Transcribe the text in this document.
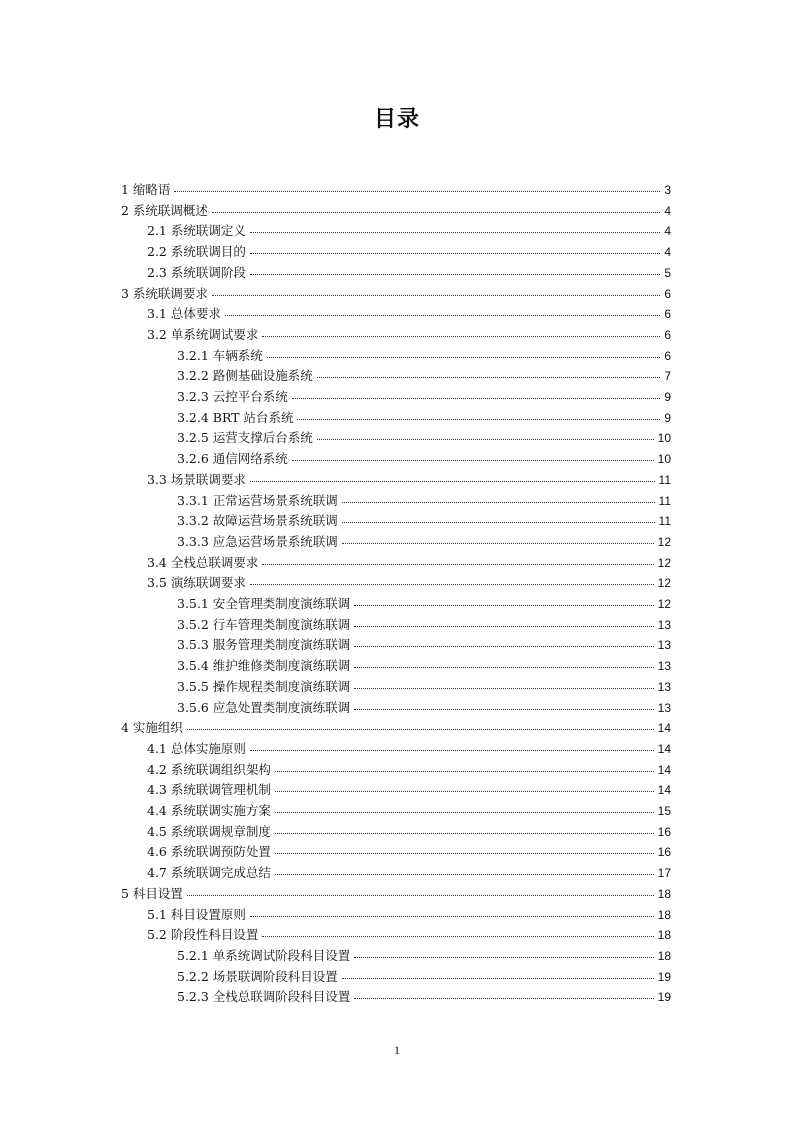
目录
1 缩略语	3
2 系统联调概述	4
2.1 系统联调定义	4
2.2 系统联调目的	4
2.3 系统联调阶段	5
3 系统联调要求	6
3.1 总体要求	6
3.2 单系统调试要求	6
3.2.1 车辆系统	6
3.2.2 路侧基础设施系统	7
3.2.3 云控平台系统	9
3.2.4 BRT 站台系统	9
3.2.5 运营支撑后台系统	10
3.2.6 通信网络系统	10
3.3 场景联调要求	11
3.3.1 正常运营场景系统联调	11
3.3.2 故障运营场景系统联调	11
3.3.3 应急运营场景系统联调	12
3.4 全栈总联调要求	12
3.5 演练联调要求	12
3.5.1 安全管理类制度演练联调	12
3.5.2 行车管理类制度演练联调	13
3.5.3 服务管理类制度演练联调	13
3.5.4 维护维修类制度演练联调	13
3.5.5 操作规程类制度演练联调	13
3.5.6 应急处置类制度演练联调	13
4 实施组织	14
4.1 总体实施原则	14
4.2 系统联调组织架构	14
4.3 系统联调管理机制	14
4.4 系统联调实施方案	15
4.5 系统联调规章制度	16
4.6 系统联调预防处置	16
4.7 系统联调完成总结	17
5 科目设置	18
5.1 科目设置原则	18
5.2 阶段性科目设置	18
5.2.1 单系统调试阶段科目设置	18
5.2.2 场景联调阶段科目设置	19
5.2.3 全栈总联调阶段科目设置	19
1
